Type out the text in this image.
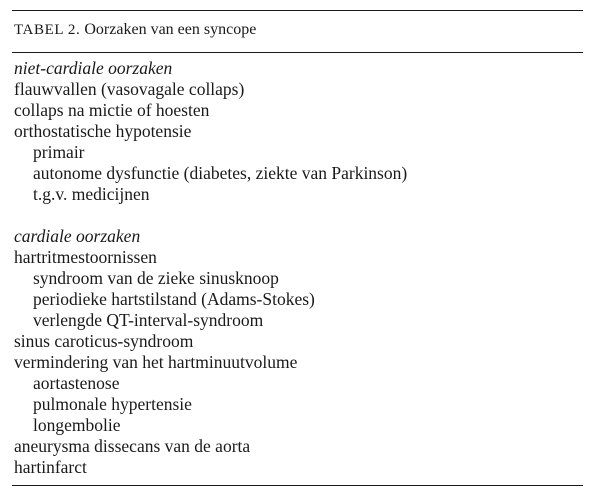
TABEL 2. Oorzaken van een syncope
niet-cardiale oorzaken
flauwvallen (vasovagale collaps)
collaps na mictie of hoesten
orthostatische hypotensie
primair
autonome dysfunctie (diabetes, ziekte van Parkinson)
t.g.v. medicijnen
cardiale oorzaken
hartritmestoornissen
syndroom van de zieke sinusknoop
periodieke hartstilstand (Adams-Stokes)
verlengde QT-interval-syndroom
sinus caroticus-syndroom
vermindering van het hartminuutvolume
aortastenose
pulmonale hypertensie
longembolie
aneurysma dissecans van de aorta
hartinfarct
